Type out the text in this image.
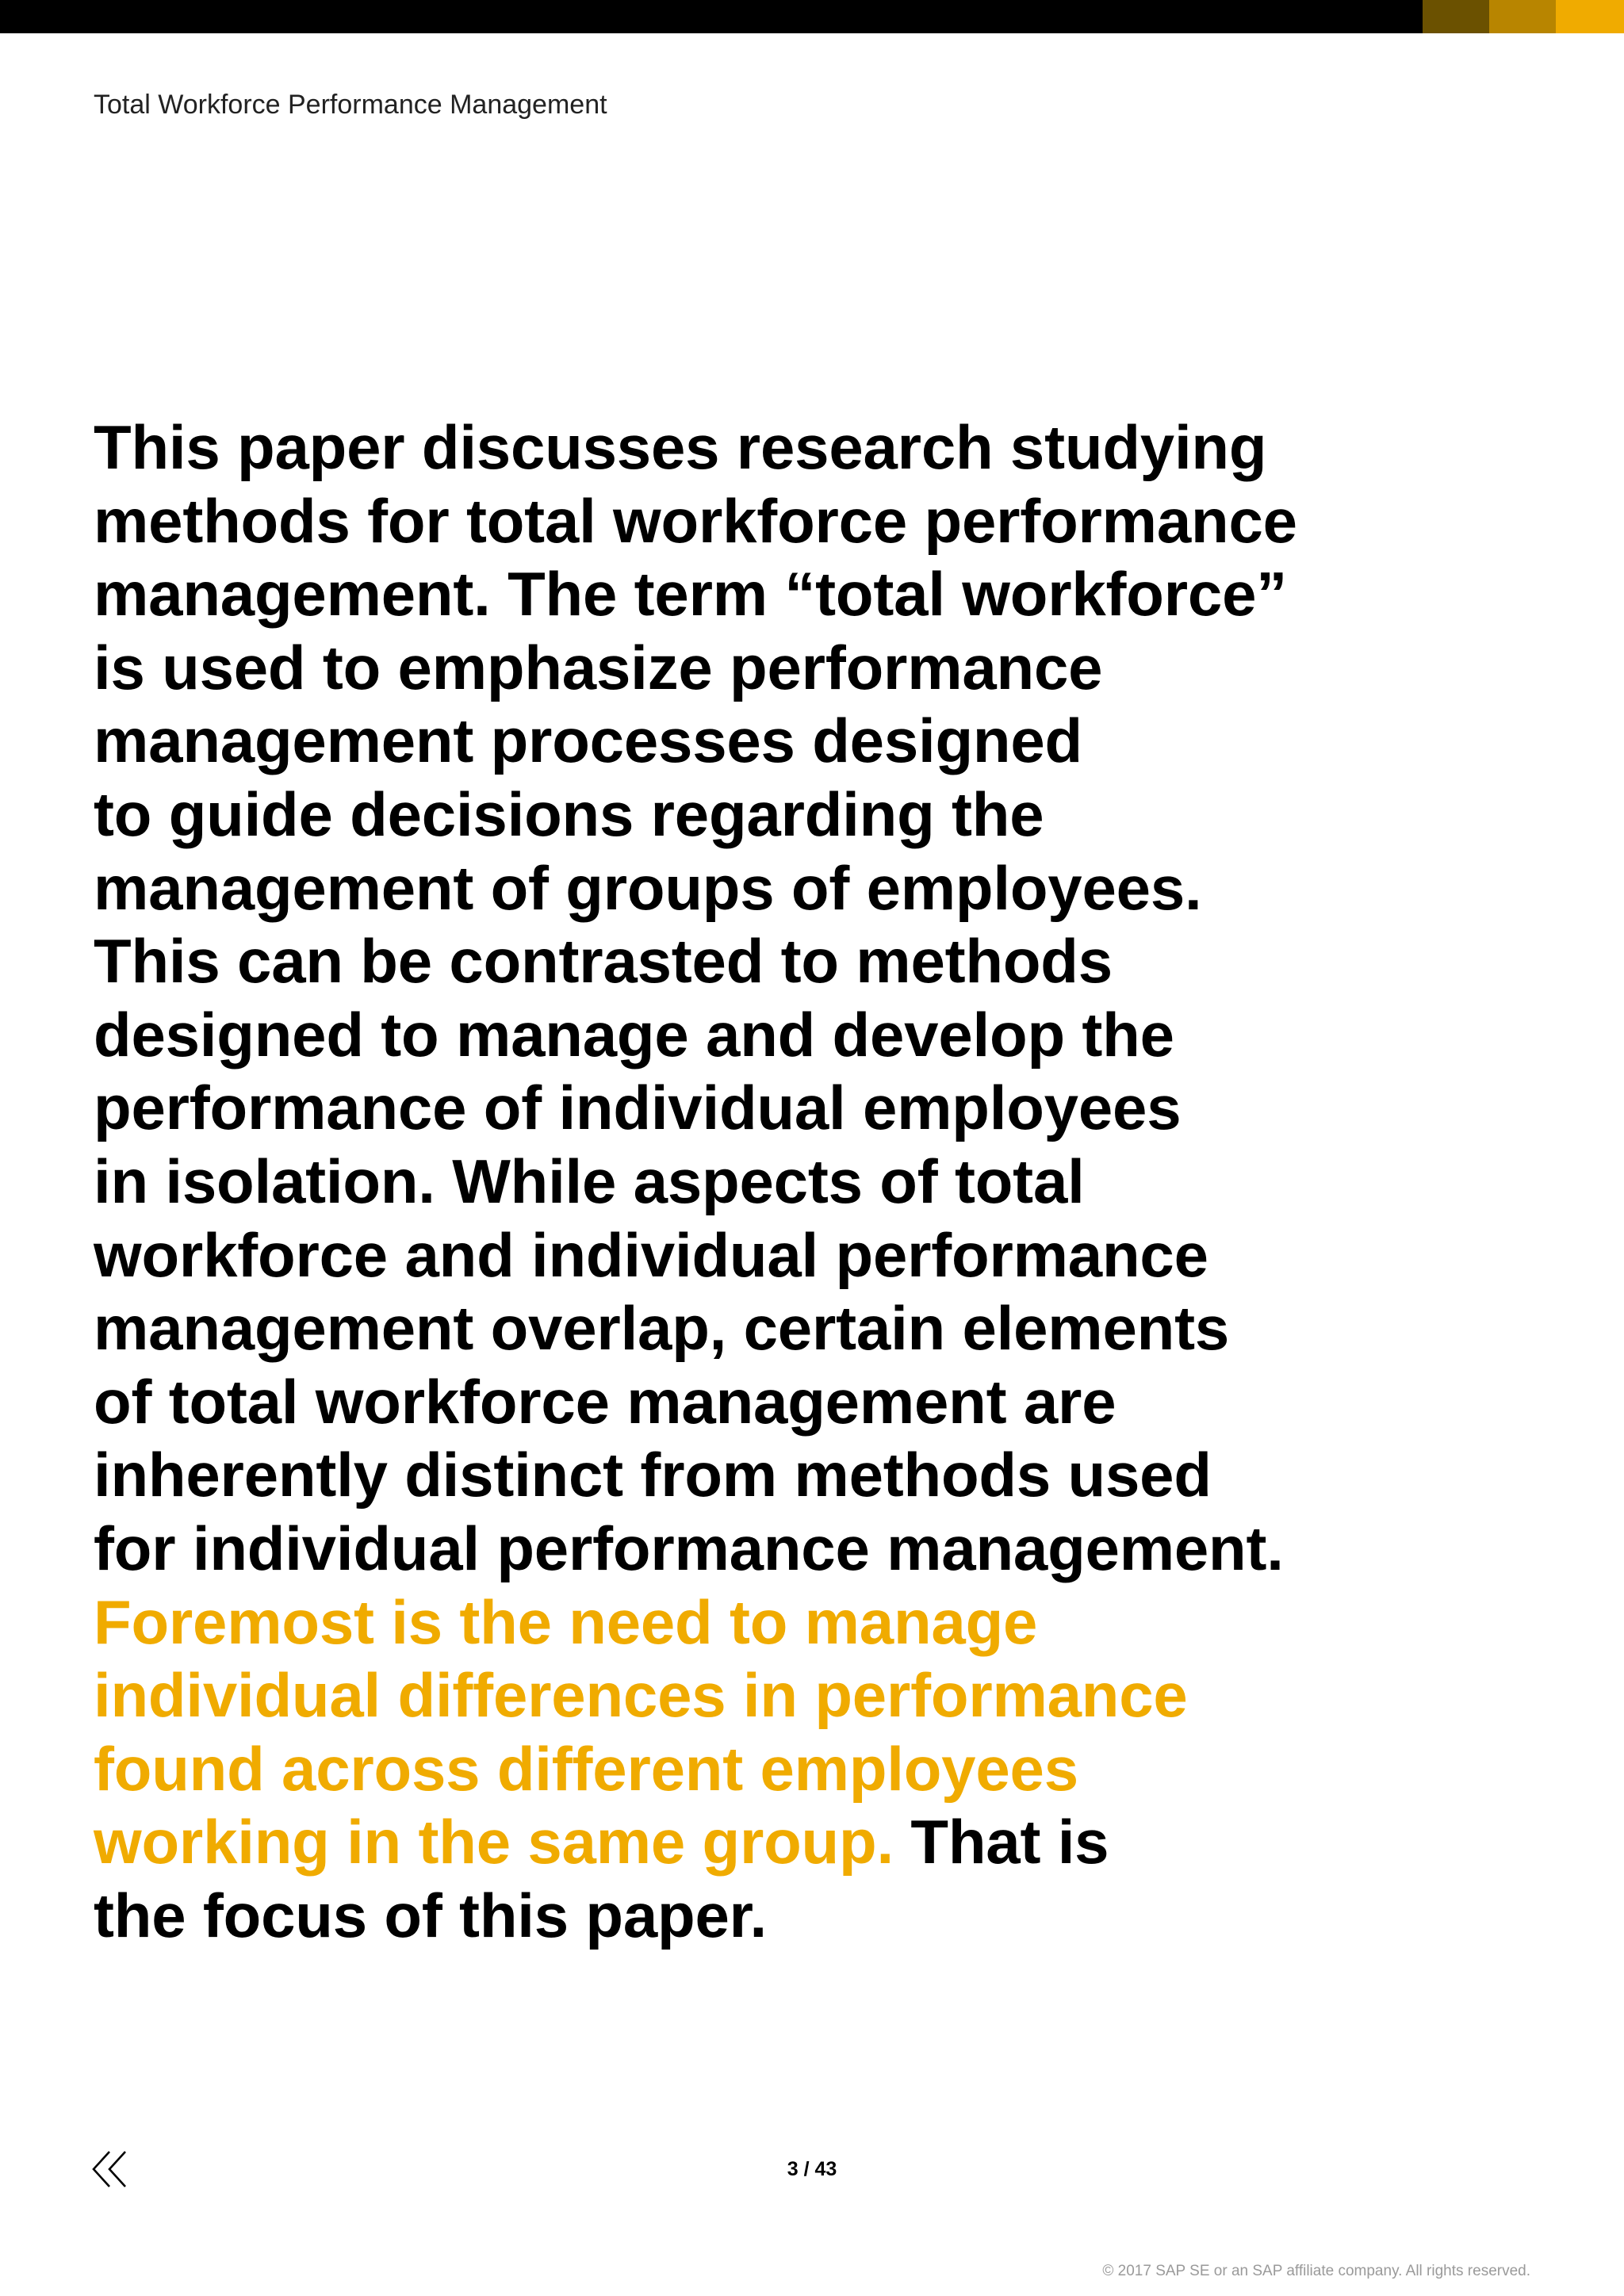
Total Workforce Performance Management

This paper discusses research studying
methods for total workforce performance
management. The term “total workforce”
is used to emphasize performance
management processes designed
to guide decisions regarding the
management of groups of employees.
This can be contrasted to methods
designed to manage and develop the
performance of individual employees
in isolation. While aspects of total
workforce and individual performance
management overlap, certain elements
of total workforce management are
inherently distinct from methods used
for individual performance management.
Foremost is the need to manage
individual differences in performance
found across different employees
working in the same group. That is
the focus of this paper.

3 / 43
© 2017 SAP SE or an SAP affiliate company. All rights reserved.
